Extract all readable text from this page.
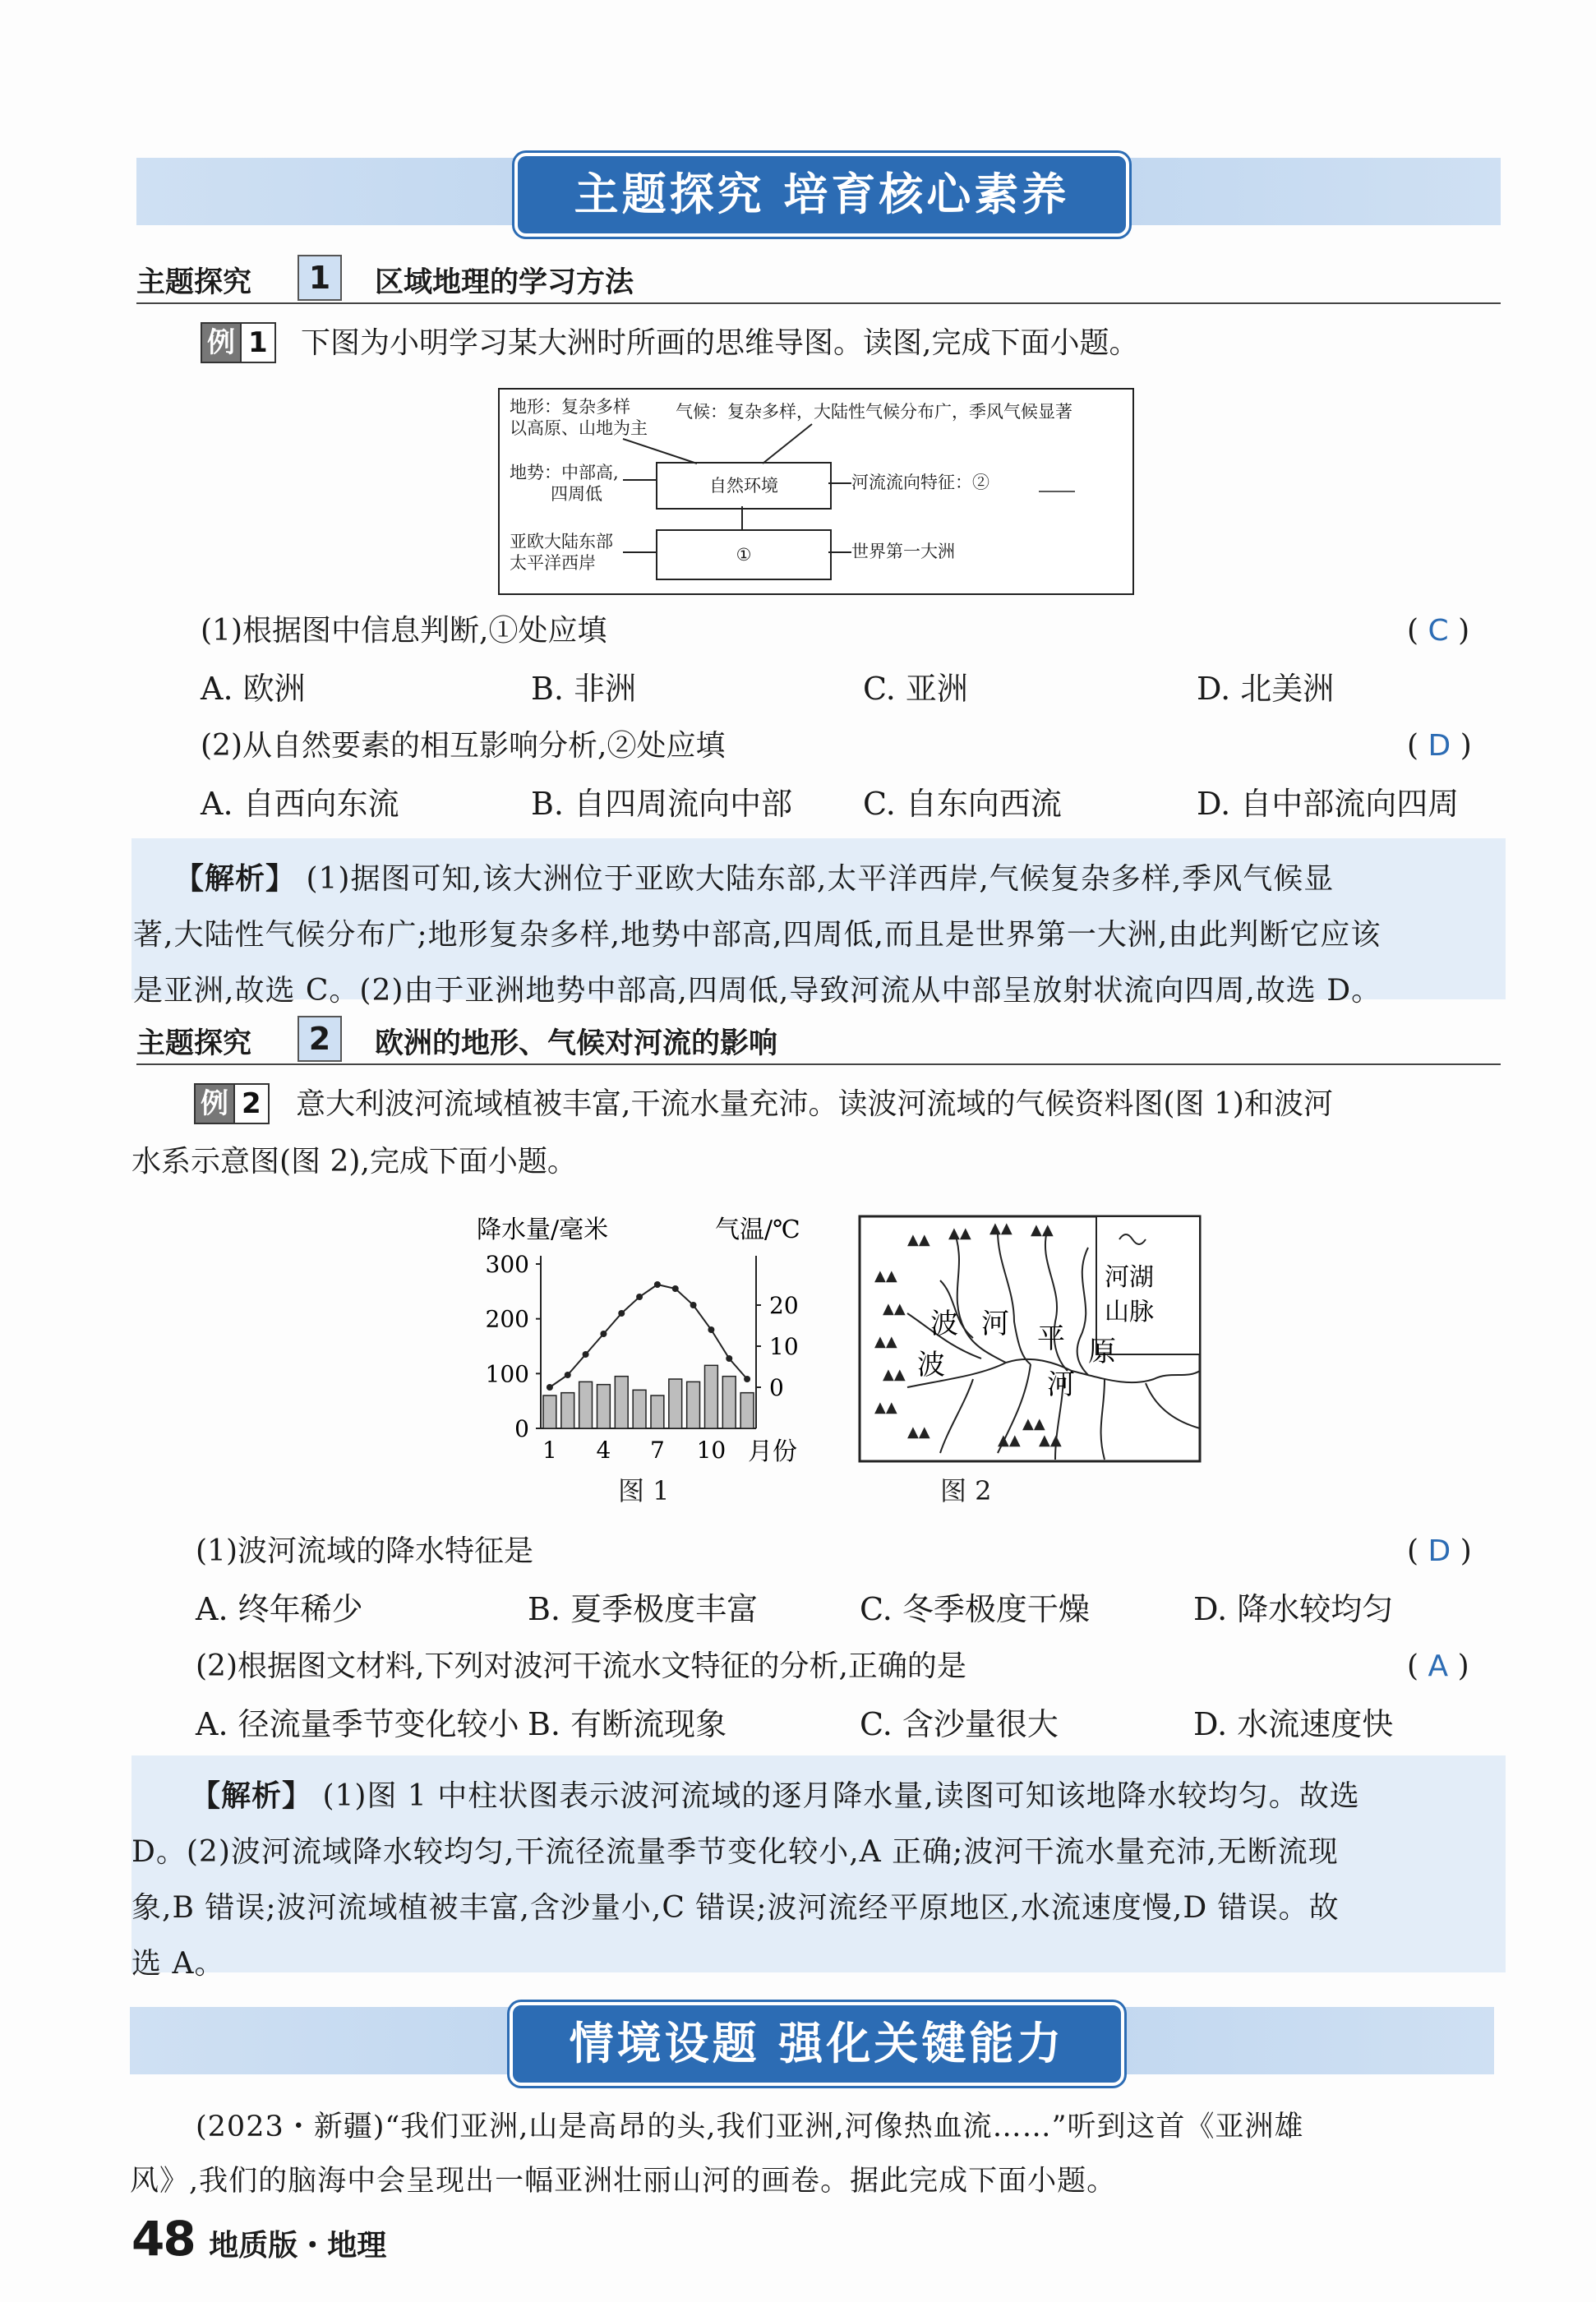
主题探究 培育核心素养
主题探究	1	区域地理的学习方法
例 1 下图为小明学习某大洲时所画的思维导图。读图,完成下面小题。
地形：复杂多样
以高原、山地为主
气候：复杂多样，大陆性气候分布广，季风气候显著
地势：中部高,
四周低	自然环境	河流流向特征：②
亚欧大陆东部
太平洋西岸	①	世界第一大洲
(1)根据图中信息判断,①处应填	( C )
A. 欧洲	B. 非洲	C. 亚洲	D. 北美洲
(2)从自然要素的相互影响分析,②处应填	( D )
A. 自西向东流	B. 自四周流向中部 C. 自东向西流	D. 自中部流向四周

【解析】 (1)据图可知,该大洲位于亚欧大陆东部,太平洋西岸,气候复杂多样,季风气候显

著,大陆性气候分布广;地形复杂多样,地势中部高,四周低,而且是世界第一大洲,由此判断它应该

是亚洲,故选 C。(2)由于亚洲地势中部高,四周低,导致河流从中部呈放射状流向四周,故选 D。

主题探究	2	欧洲的地形、气候对河流的影响
例 2 意大利波河流域植被丰富,干流水量充沛。读波河流域的气候资料图(图 1)和波河
水系示意图(图 2),完成下面小题。
降水量/毫米	气温/℃
300
200
100
0
20
10
0
1 4 7 10 月份
图 1
河湖
山脉
▲▲ ▲▲ ▲▲ ▲▲
▲▲
▲▲
▲▲
▲▲
▲▲
▲▲	▲▲
▲▲
▲▲
波 河 平 原
波
河
图 2
(1)波河流域的降水特征是	( D )
A. 终年稀少	B. 夏季极度丰富	C. 冬季极度干燥	D. 降水较均匀
(2)根据图文材料,下列对波河干流水文特征的分析,正确的是	( A )
A. 径流量季节变化较小 B. 有断流现象	C. 含沙量很大	D. 水流速度快

【解析】 (1)图 1 中柱状图表示波河流域的逐月降水量,读图可知该地降水较均匀。故选

D。(2)波河流域降水较均匀,干流径流量季节变化较小,A 正确;波河干流水量充沛,无断流现

象,B 错误;波河流域植被丰富,含沙量小,C 错误;波河流经平原地区,水流速度慢,D 错误。故

选 A。

情境设题 强化关键能力
(2023・新疆)“我们亚洲,山是高昂的头,我们亚洲,河像热血流……”听到这首《亚洲雄
风》,我们的脑海中会呈现出一幅亚洲壮丽山河的画卷。据此完成下面小题。
48 地质版・地理
